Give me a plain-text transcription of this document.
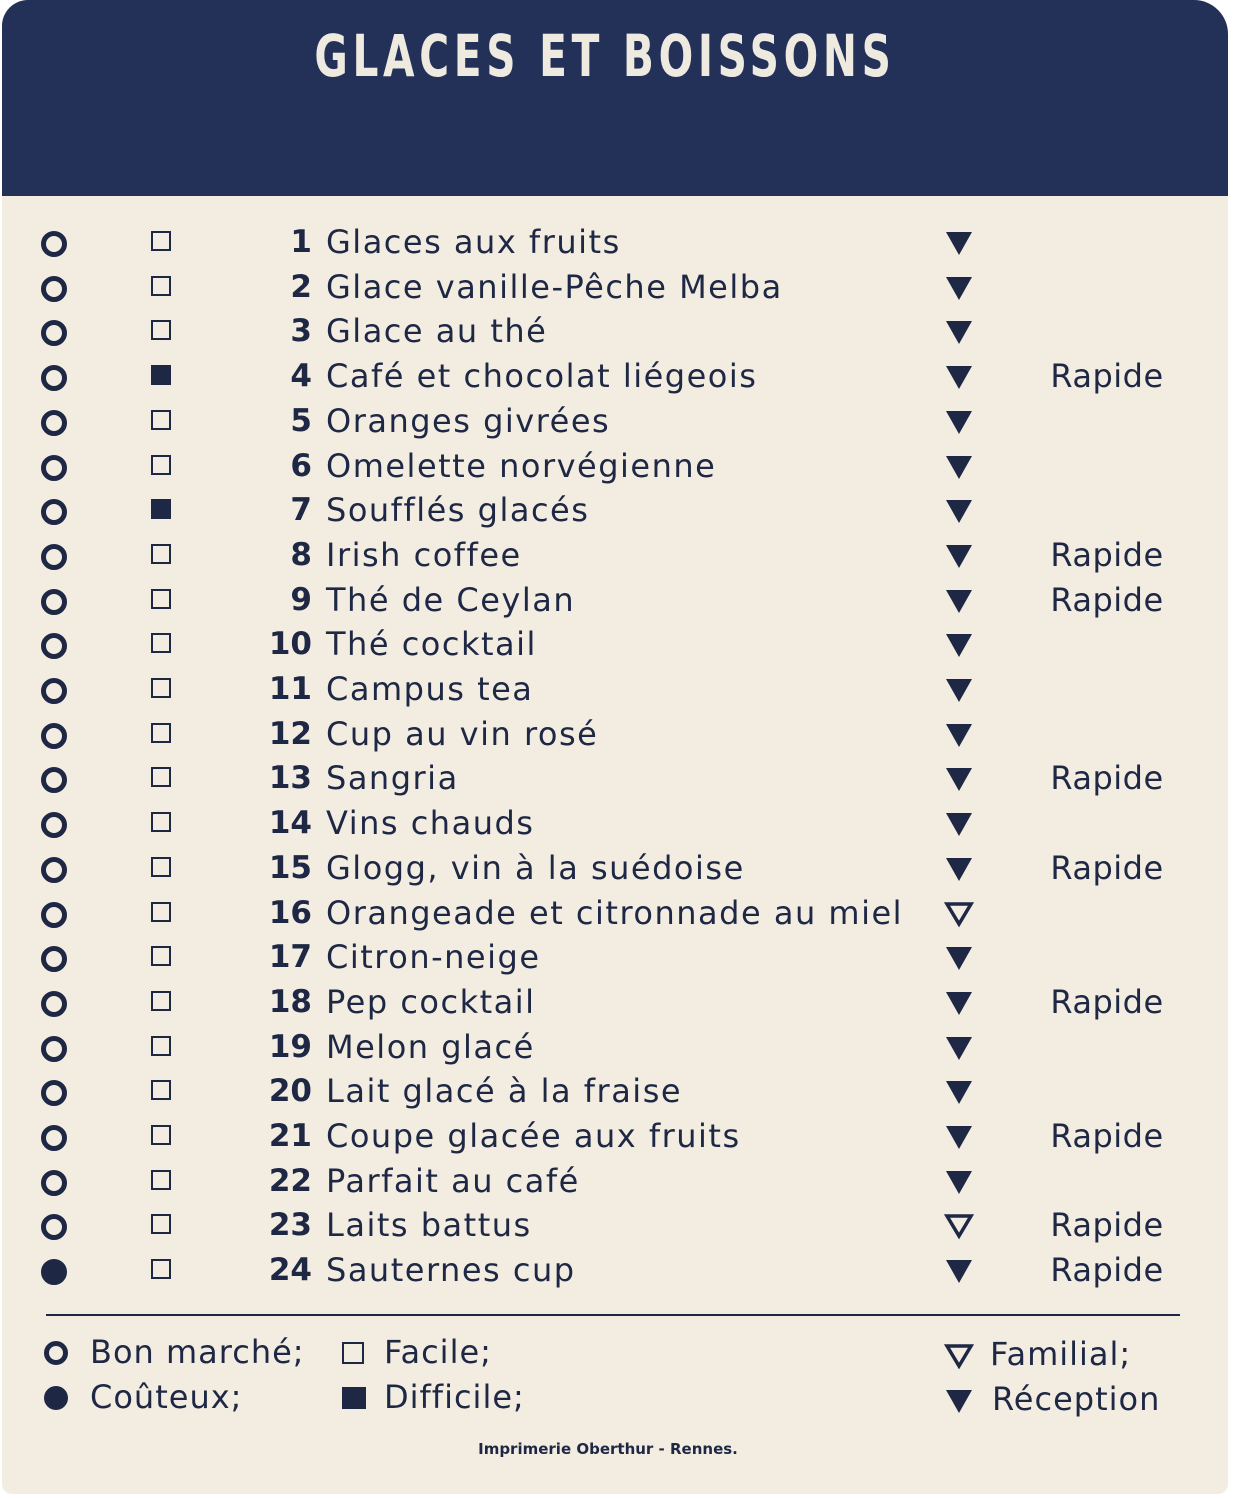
GLACES ET BOISSONS
1 Glaces aux fruits
2 Glace vanille-Pêche Melba
3 Glace au thé
4 Café et chocolat liégeois	Rapide
5 Oranges givrées
6 Omelette norvégienne
7 Soufflés glacés
8 Irish coffee	Rapide
9 Thé de Ceylan	Rapide
10 Thé cocktail
11 Campus tea
12 Cup au vin rosé
13 Sangria	Rapide
14 Vins chauds
15 Glogg, vin à la suédoise	Rapide
16 Orangeade et citronnade au miel
17 Citron-neige
18 Pep cocktail	Rapide
19 Melon glacé
20 Lait glacé à la fraise
21 Coupe glacée aux fruits	Rapide
22 Parfait au café
23 Laits battus	Rapide
24 Sauternes cup	Rapide
Bon marché;
Coûteux;
Facile;
Difficile;
Familial;
Réception
Imprimerie Oberthur - Rennes.
